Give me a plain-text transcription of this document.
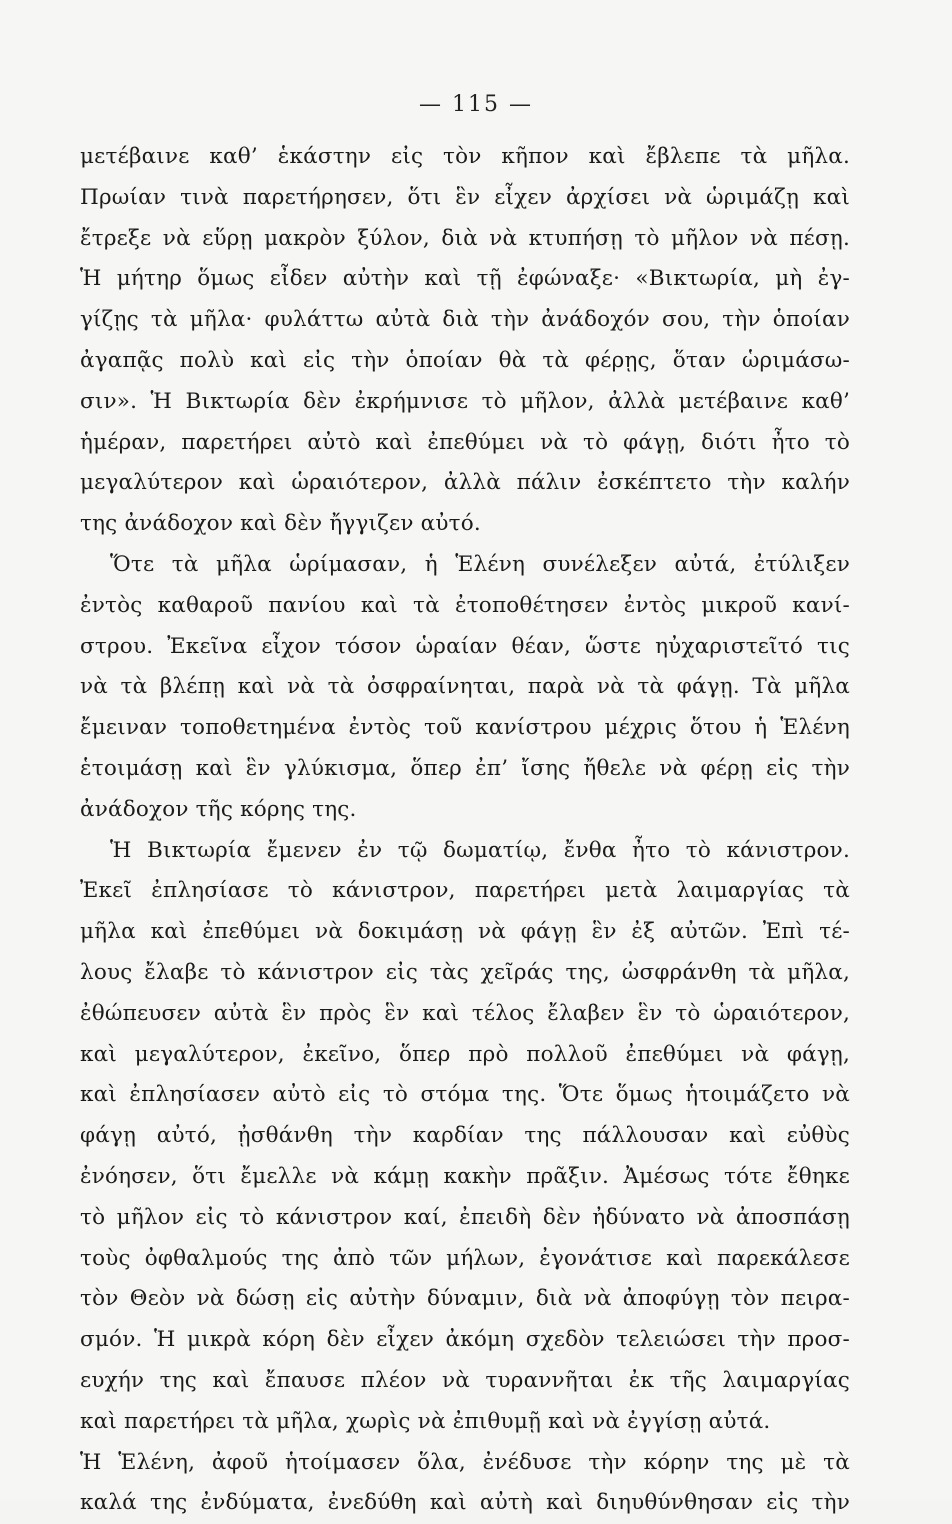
— 115 —
μετέβαινε καθ’ ἑκάστην εἰς τὸν κῆπον καὶ ἔβλεπε τὰ μῆλα.
Πρωίαν τινὰ παρετήρησεν, ὅτι ἓν εἶχεν ἀρχίσει νὰ ὡριμάζῃ καὶ
ἔτρεξε νὰ εὕρῃ μακρὸν ξύλον, διὰ νὰ κτυπήσῃ τὸ μῆλον νὰ πέσῃ.
Ἡ μήτηρ ὅμως εἶδεν αὐτὴν καὶ τῇ ἐφώναξε· «Βικτωρία, μὴ ἐγ-
γίζῃς τὰ μῆλα· φυλάττω αὐτὰ διὰ τὴν ἀνάδοχόν σου, τὴν ὁποίαν
ἀγαπᾷς πολὺ καὶ εἰς τὴν ὁποίαν θὰ τὰ φέρῃς, ὅταν ὡριμάσω-
σιν». Ἡ Βικτωρία δὲν ἐκρήμνισε τὸ μῆλον, ἀλλὰ μετέβαινε καθ’
ἡμέραν, παρετήρει αὐτὸ καὶ ἐπεθύμει νὰ τὸ φάγῃ, διότι ἦτο τὸ
μεγαλύτερον καὶ ὡραιότερον, ἀλλὰ πάλιν ἐσκέπτετο τὴν καλήν
της ἀνάδοχον καὶ δὲν ἤγγιζεν αὐτό.
Ὅτε τὰ μῆλα ὡρίμασαν, ἡ Ἑλένη συνέλεξεν αὐτά, ἐτύλιξεν
ἐντὸς καθαροῦ πανίου καὶ τὰ ἐτοποθέτησεν ἐντὸς μικροῦ κανί-
στρου. Ἐκεῖνα εἶχον τόσον ὡραίαν θέαν, ὥστε ηὐχαριστεῖτό τις
νὰ τὰ βλέπῃ καὶ νὰ τὰ ὀσφραίνηται, παρὰ νὰ τὰ φάγῃ. Τὰ μῆλα
ἔμειναν τοποθετημένα ἐντὸς τοῦ κανίστρου μέχρις ὅτου ἡ Ἑλένη
ἑτοιμάσῃ καὶ ἓν γλύκισμα, ὅπερ ἐπ’ ἴσης ἤθελε νὰ φέρῃ εἰς τὴν
ἀνάδοχον τῆς κόρης της.
Ἡ Βικτωρία ἔμενεν ἐν τῷ δωματίῳ, ἔνθα ἦτο τὸ κάνιστρον.
Ἐκεῖ ἐπλησίασε τὸ κάνιστρον, παρετήρει μετὰ λαιμαργίας τὰ
μῆλα καὶ ἐπεθύμει νὰ δοκιμάσῃ νὰ φάγῃ ἓν ἐξ αὐτῶν. Ἐπὶ τέ-
λους ἔλαβε τὸ κάνιστρον εἰς τὰς χεῖράς της, ὠσφράνθη τὰ μῆλα,
ἐθώπευσεν αὐτὰ ἓν πρὸς ἓν καὶ τέλος ἔλαβεν ἓν τὸ ὡραιότερον,
καὶ μεγαλύτερον, ἐκεῖνο, ὅπερ πρὸ πολλοῦ ἐπεθύμει νὰ φάγῃ,
καὶ ἐπλησίασεν αὐτὸ εἰς τὸ στόμα της. Ὅτε ὅμως ἡτοιμάζετο νὰ
φάγῃ αὐτό, ᾐσθάνθη τὴν καρδίαν της πάλλουσαν καὶ εὐθὺς
ἐνόησεν, ὅτι ἔμελλε νὰ κάμῃ κακὴν πρᾶξιν. Ἀμέσως τότε ἔθηκε
τὸ μῆλον εἰς τὸ κάνιστρον καί, ἐπειδὴ δὲν ἠδύνατο νὰ ἀποσπάσῃ
τοὺς ὀφθαλμούς της ἀπὸ τῶν μήλων, ἐγονάτισε καὶ παρεκάλεσε
τὸν Θεὸν νὰ δώσῃ εἰς αὐτὴν δύναμιν, διὰ νὰ ἀποφύγῃ τὸν πειρα-
σμόν. Ἡ μικρὰ κόρη δὲν εἶχεν ἀκόμη σχεδὸν τελειώσει τὴν προσ-
ευχήν της καὶ ἔπαυσε πλέον νὰ τυραννῆται ἐκ τῆς λαιμαργίας
καὶ παρετήρει τὰ μῆλα, χωρὶς νὰ ἐπιθυμῇ καὶ νὰ ἐγγίσῃ αὐτά.
Ἡ Ἑλένη, ἀφοῦ ἡτοίμασεν ὅλα, ἐνέδυσε τὴν κόρην της μὲ τὰ
καλά της ἐνδύματα, ἐνεδύθη καὶ αὐτὴ καὶ διηυθύνθησαν εἰς τὴν
